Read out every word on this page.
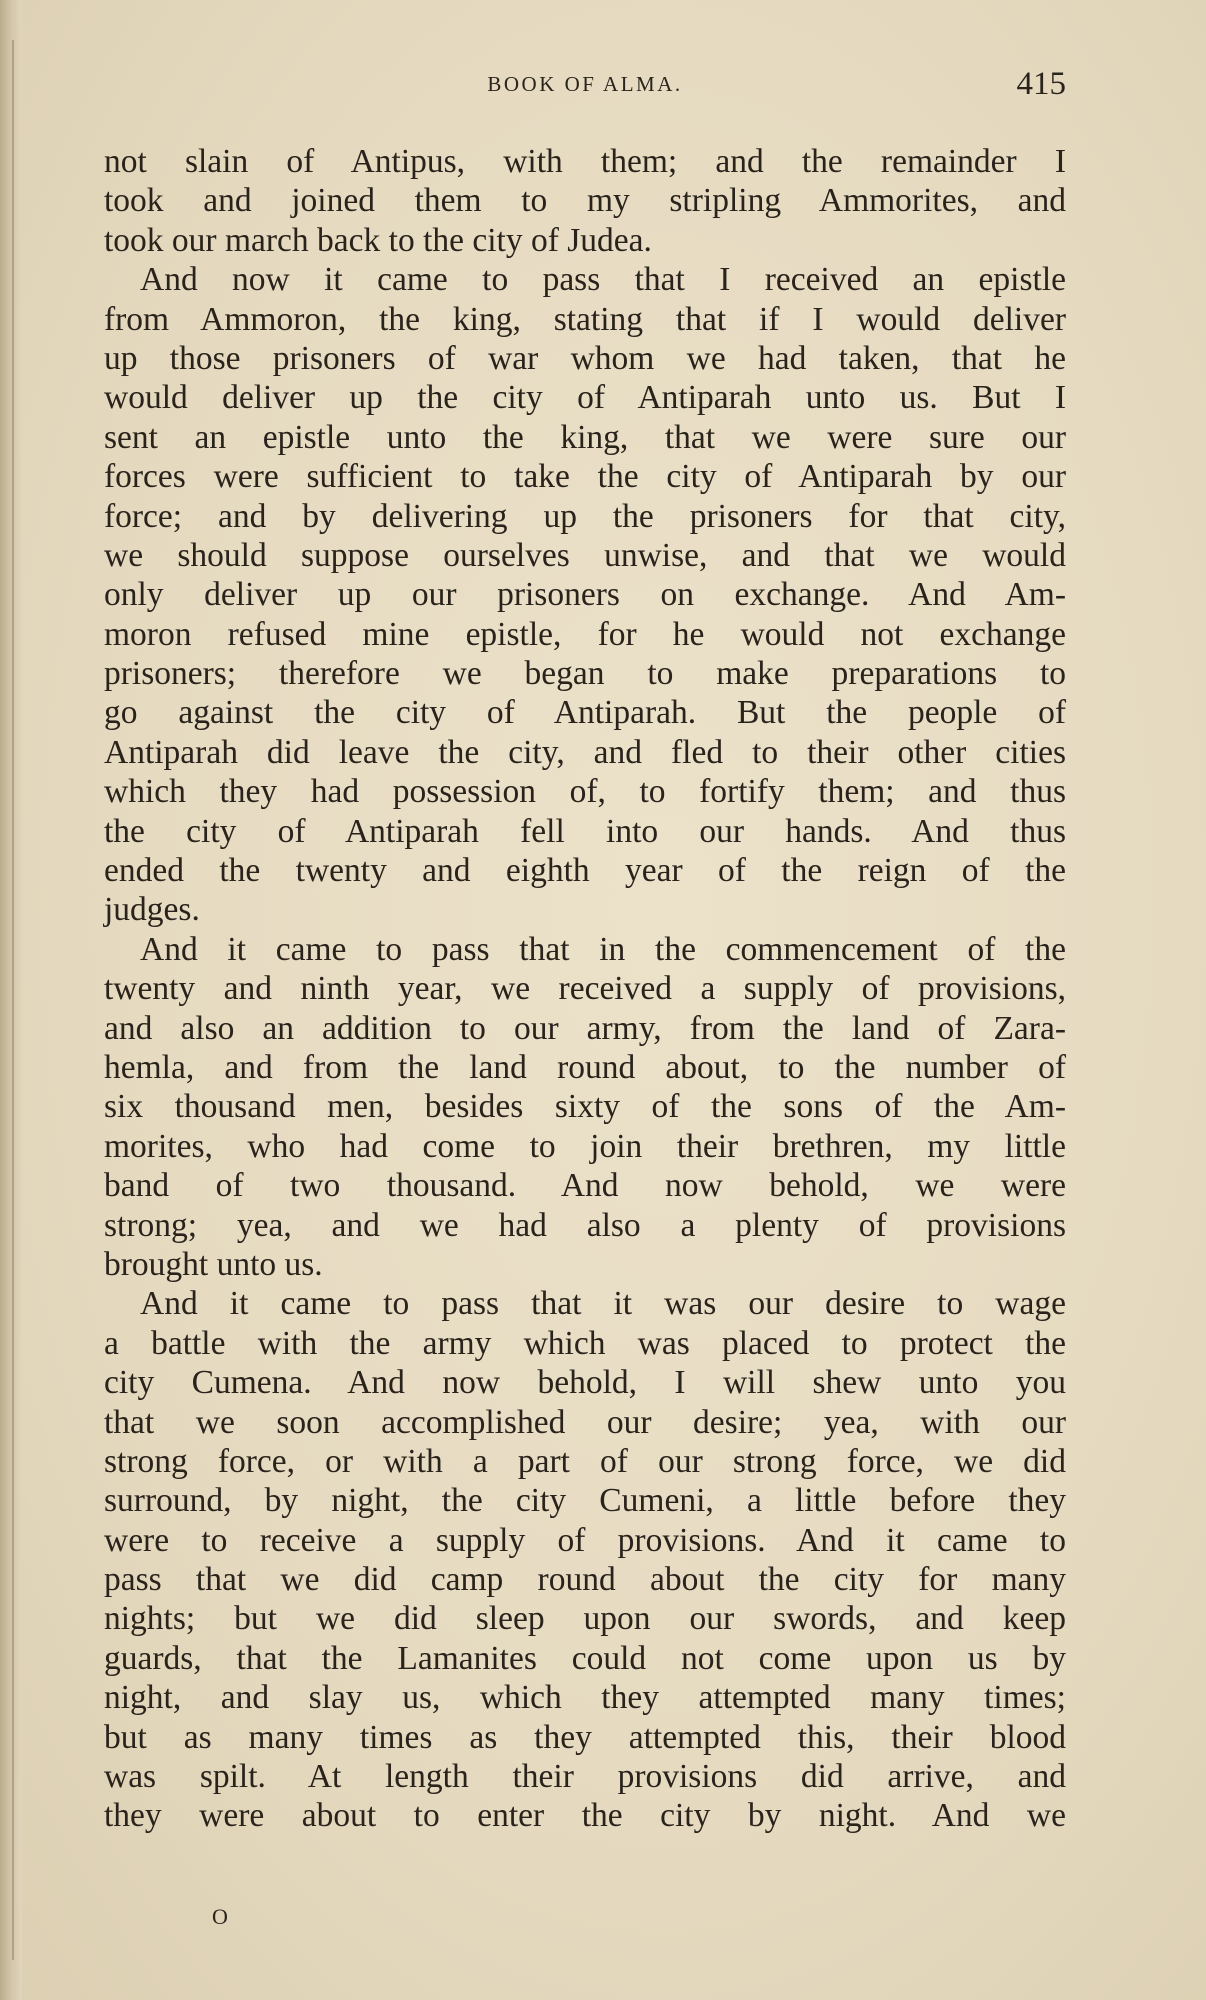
BOOK OF ALMA.	415
not slain of Antipus, with them; and the remainder I
took and joined them to my stripling Ammorites, and
took our march back to the city of Judea.
And now it came to pass that I received an epistle
from Ammoron, the king, stating that if I would deliver
up those prisoners of war whom we had taken, that he
would deliver up the city of Antiparah unto us. But I
sent an epistle unto the king, that we were sure our
forces were sufficient to take the city of Antiparah by our
force; and by delivering up the prisoners for that city,
we should suppose ourselves unwise, and that we would
only deliver up our prisoners on exchange. And Am-
moron refused mine epistle, for he would not exchange
prisoners; therefore we began to make preparations to
go against the city of Antiparah. But the people of
Antiparah did leave the city, and fled to their other cities
which they had possession of, to fortify them; and thus
the city of Antiparah fell into our hands. And thus
ended the twenty and eighth year of the reign of the
judges.
And it came to pass that in the commencement of the
twenty and ninth year, we received a supply of provisions,
and also an addition to our army, from the land of Zara-
hemla, and from the land round about, to the number of
six thousand men, besides sixty of the sons of the Am-
morites, who had come to join their brethren, my little
band of two thousand. And now behold, we were
strong; yea, and we had also a plenty of provisions
brought unto us.
And it came to pass that it was our desire to wage
a battle with the army which was placed to protect the
city Cumena. And now behold, I will shew unto you
that we soon accomplished our desire; yea, with our
strong force, or with a part of our strong force, we did
surround, by night, the city Cumeni, a little before they
were to receive a supply of provisions. And it came to
pass that we did camp round about the city for many
nights; but we did sleep upon our swords, and keep
guards, that the Lamanites could not come upon us by
night, and slay us, which they attempted many times;
but as many times as they attempted this, their blood
was spilt. At length their provisions did arrive, and
they were about to enter the city by night. And we
O
